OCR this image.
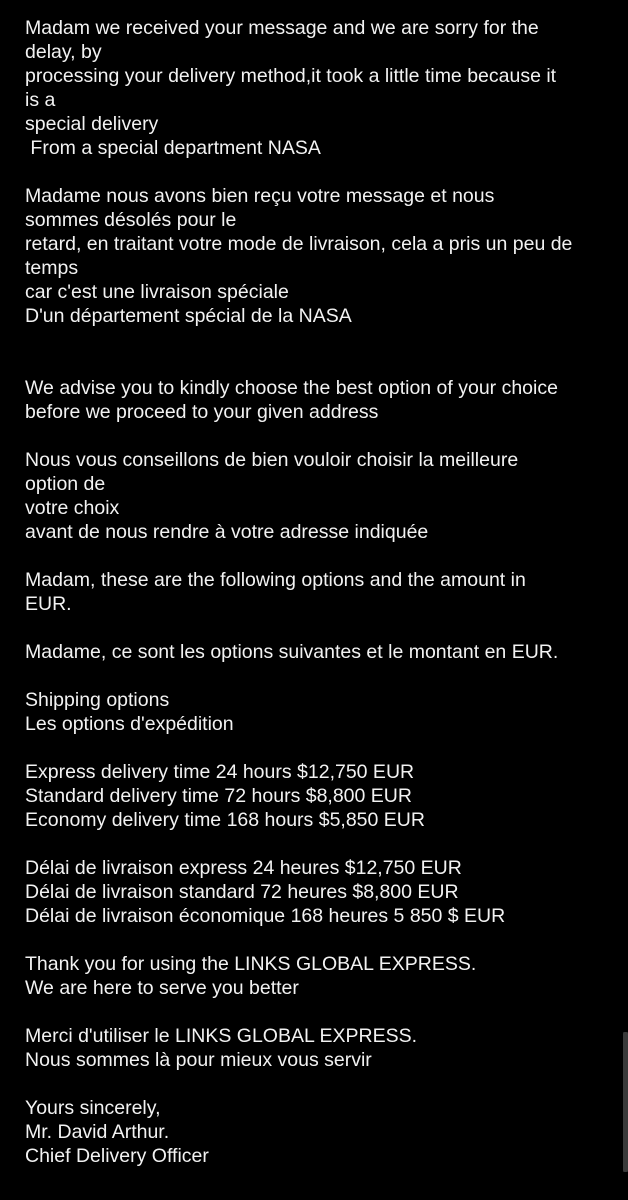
Madam we received your message and we are sorry for the
delay, by
processing your delivery method,it took a little time because it
is a
special delivery
From a special department NASA
Madame nous avons bien reçu votre message et nous
sommes désolés pour le
retard, en traitant votre mode de livraison, cela a pris un peu de
temps
car c'est une livraison spéciale
D'un département spécial de la NASA
We advise you to kindly choose the best option of your choice
before we proceed to your given address
Nous vous conseillons de bien vouloir choisir la meilleure
option de
votre choix
avant de nous rendre à votre adresse indiquée
Madam, these are the following options and the amount in
EUR.
Madame, ce sont les options suivantes et le montant en EUR.
Shipping options
Les options d'expédition
Express delivery time 24 hours $12,750 EUR
Standard delivery time 72 hours $8,800 EUR
Economy delivery time 168 hours $5,850 EUR
Délai de livraison express 24 heures $12,750 EUR
Délai de livraison standard 72 heures $8,800 EUR
Délai de livraison économique 168 heures 5 850 $ EUR
Thank you for using the LINKS GLOBAL EXPRESS.
We are here to serve you better
Merci d'utiliser le LINKS GLOBAL EXPRESS.
Nous sommes là pour mieux vous servir
Yours sincerely,
Mr. David Arthur.
Chief Delivery Officer
